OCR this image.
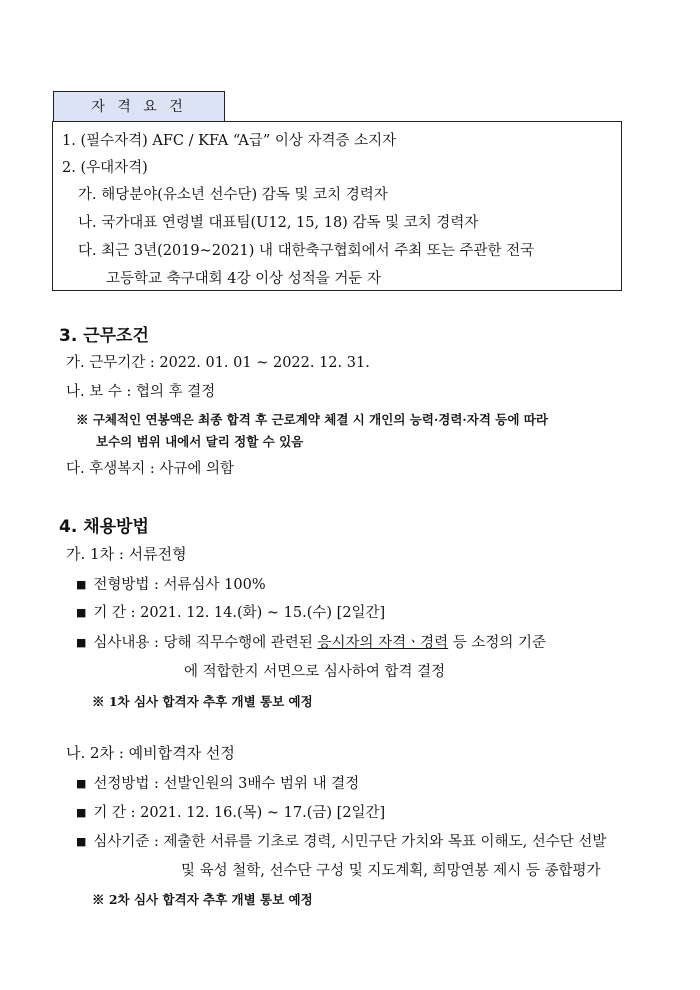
자 격 요 건
1. (필수자격) AFC / KFA “A급” 이상 자격증 소지자
2. (우대자격)
가. 해당분야(유소년 선수단) 감독 및 코치 경력자
나. 국가대표 연령별 대표팀(U12, 15, 18) 감독 및 코치 경력자
다. 최근 3년(2019~2021) 내 대한축구협회에서 주최 또는 주관한 전국
고등학교 축구대회 4강 이상 성적을 거둔 자
3. 근무조건
가. 근무기간 : 2022. 01. 01 ~ 2022. 12. 31.
나. 보 수 : 협의 후 결정
※ 구체적인 연봉액은 최종 합격 후 근로계약 체결 시 개인의 능력·경력·자격 등에 따라
보수의 범위 내에서 달리 정할 수 있음
다. 후생복지 : 사규에 의함
4. 채용방법
가. 1차 : 서류전형
■ 전형방법 : 서류심사 100%
■ 기 간 : 2021. 12. 14.(화) ~ 15.(수) [2일간]
■ 심사내용 : 당해 직무수행에 관련된 응시자의 자격ㆍ경력 등 소정의 기준
에 적합한지 서면으로 심사하여 합격 결정
※ 1차 심사 합격자 추후 개별 통보 예정
나. 2차 : 예비합격자 선정
■ 선정방법 : 선발인원의 3배수 범위 내 결정
■ 기 간 : 2021. 12. 16.(목) ~ 17.(금) [2일간]
■ 심사기준 : 제출한 서류를 기초로 경력, 시민구단 가치와 목표 이해도, 선수단 선발
및 육성 철학, 선수단 구성 및 지도계획, 희망연봉 제시 등 종합평가
※ 2차 심사 합격자 추후 개별 통보 예정
